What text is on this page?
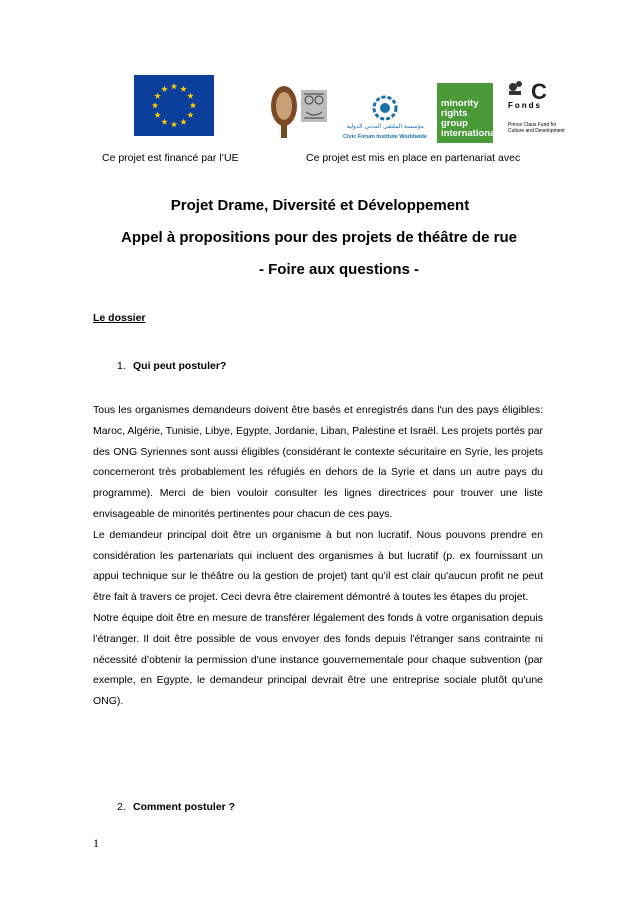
مؤسسة الملتقى المدني الدولية
Civic Forum Institute Worldwide
minority
rights
group
international
C
Fonds
Prince Claus Fund for Culture and Development
Ce projet est financé par l’UE	Ce projet est mis en place en partenariat avec
Projet Drame, Diversité et Développement
Appel à propositions pour des projets de théâtre de rue
- Foire aux questions -
Le dossier
1. Qui peut postuler?

Tous les organismes demandeurs doivent être basés et enregistrés dans l'un des pays éligibles: Maroc, Algérie, Tunisie, Libye, Egypte, Jordanie, Liban, Palestine et Israël. Les projets portés par des ONG Syriennes sont aussi éligibles (considérant le contexte sécuritaire en Syrie, les projets concerneront très probablement les réfugiés en dehors de la Syrie et dans un autre pays du programme). Merci de bien vouloir consulter les lignes directrices pour trouver une liste envisageable de minorités pertinentes pour chacun de ces pays.

Le demandeur principal doit être un organisme à but non lucratif. Nous pouvons prendre en considération les partenariats qui incluent des organismes à but lucratif (p. ex fournissant un appui technique sur le théâtre ou la gestion de projet) tant qu’il est clair qu'aucun profit ne peut être fait à travers ce projet. Ceci devra être clairement démontré à toutes les étapes du projet.

Notre équipe doit être en mesure de transférer légalement des fonds à votre organisation depuis l’étranger. Il doit être possible de vous envoyer des fonds depuis l'étranger sans contrainte ni nécessité d’obtenir la permission d'une instance gouvernementale pour chaque subvention (par exemple, en Egypte, le demandeur principal devrait être une entreprise sociale plutôt qu'une ONG).

2. Comment postuler ?
1
